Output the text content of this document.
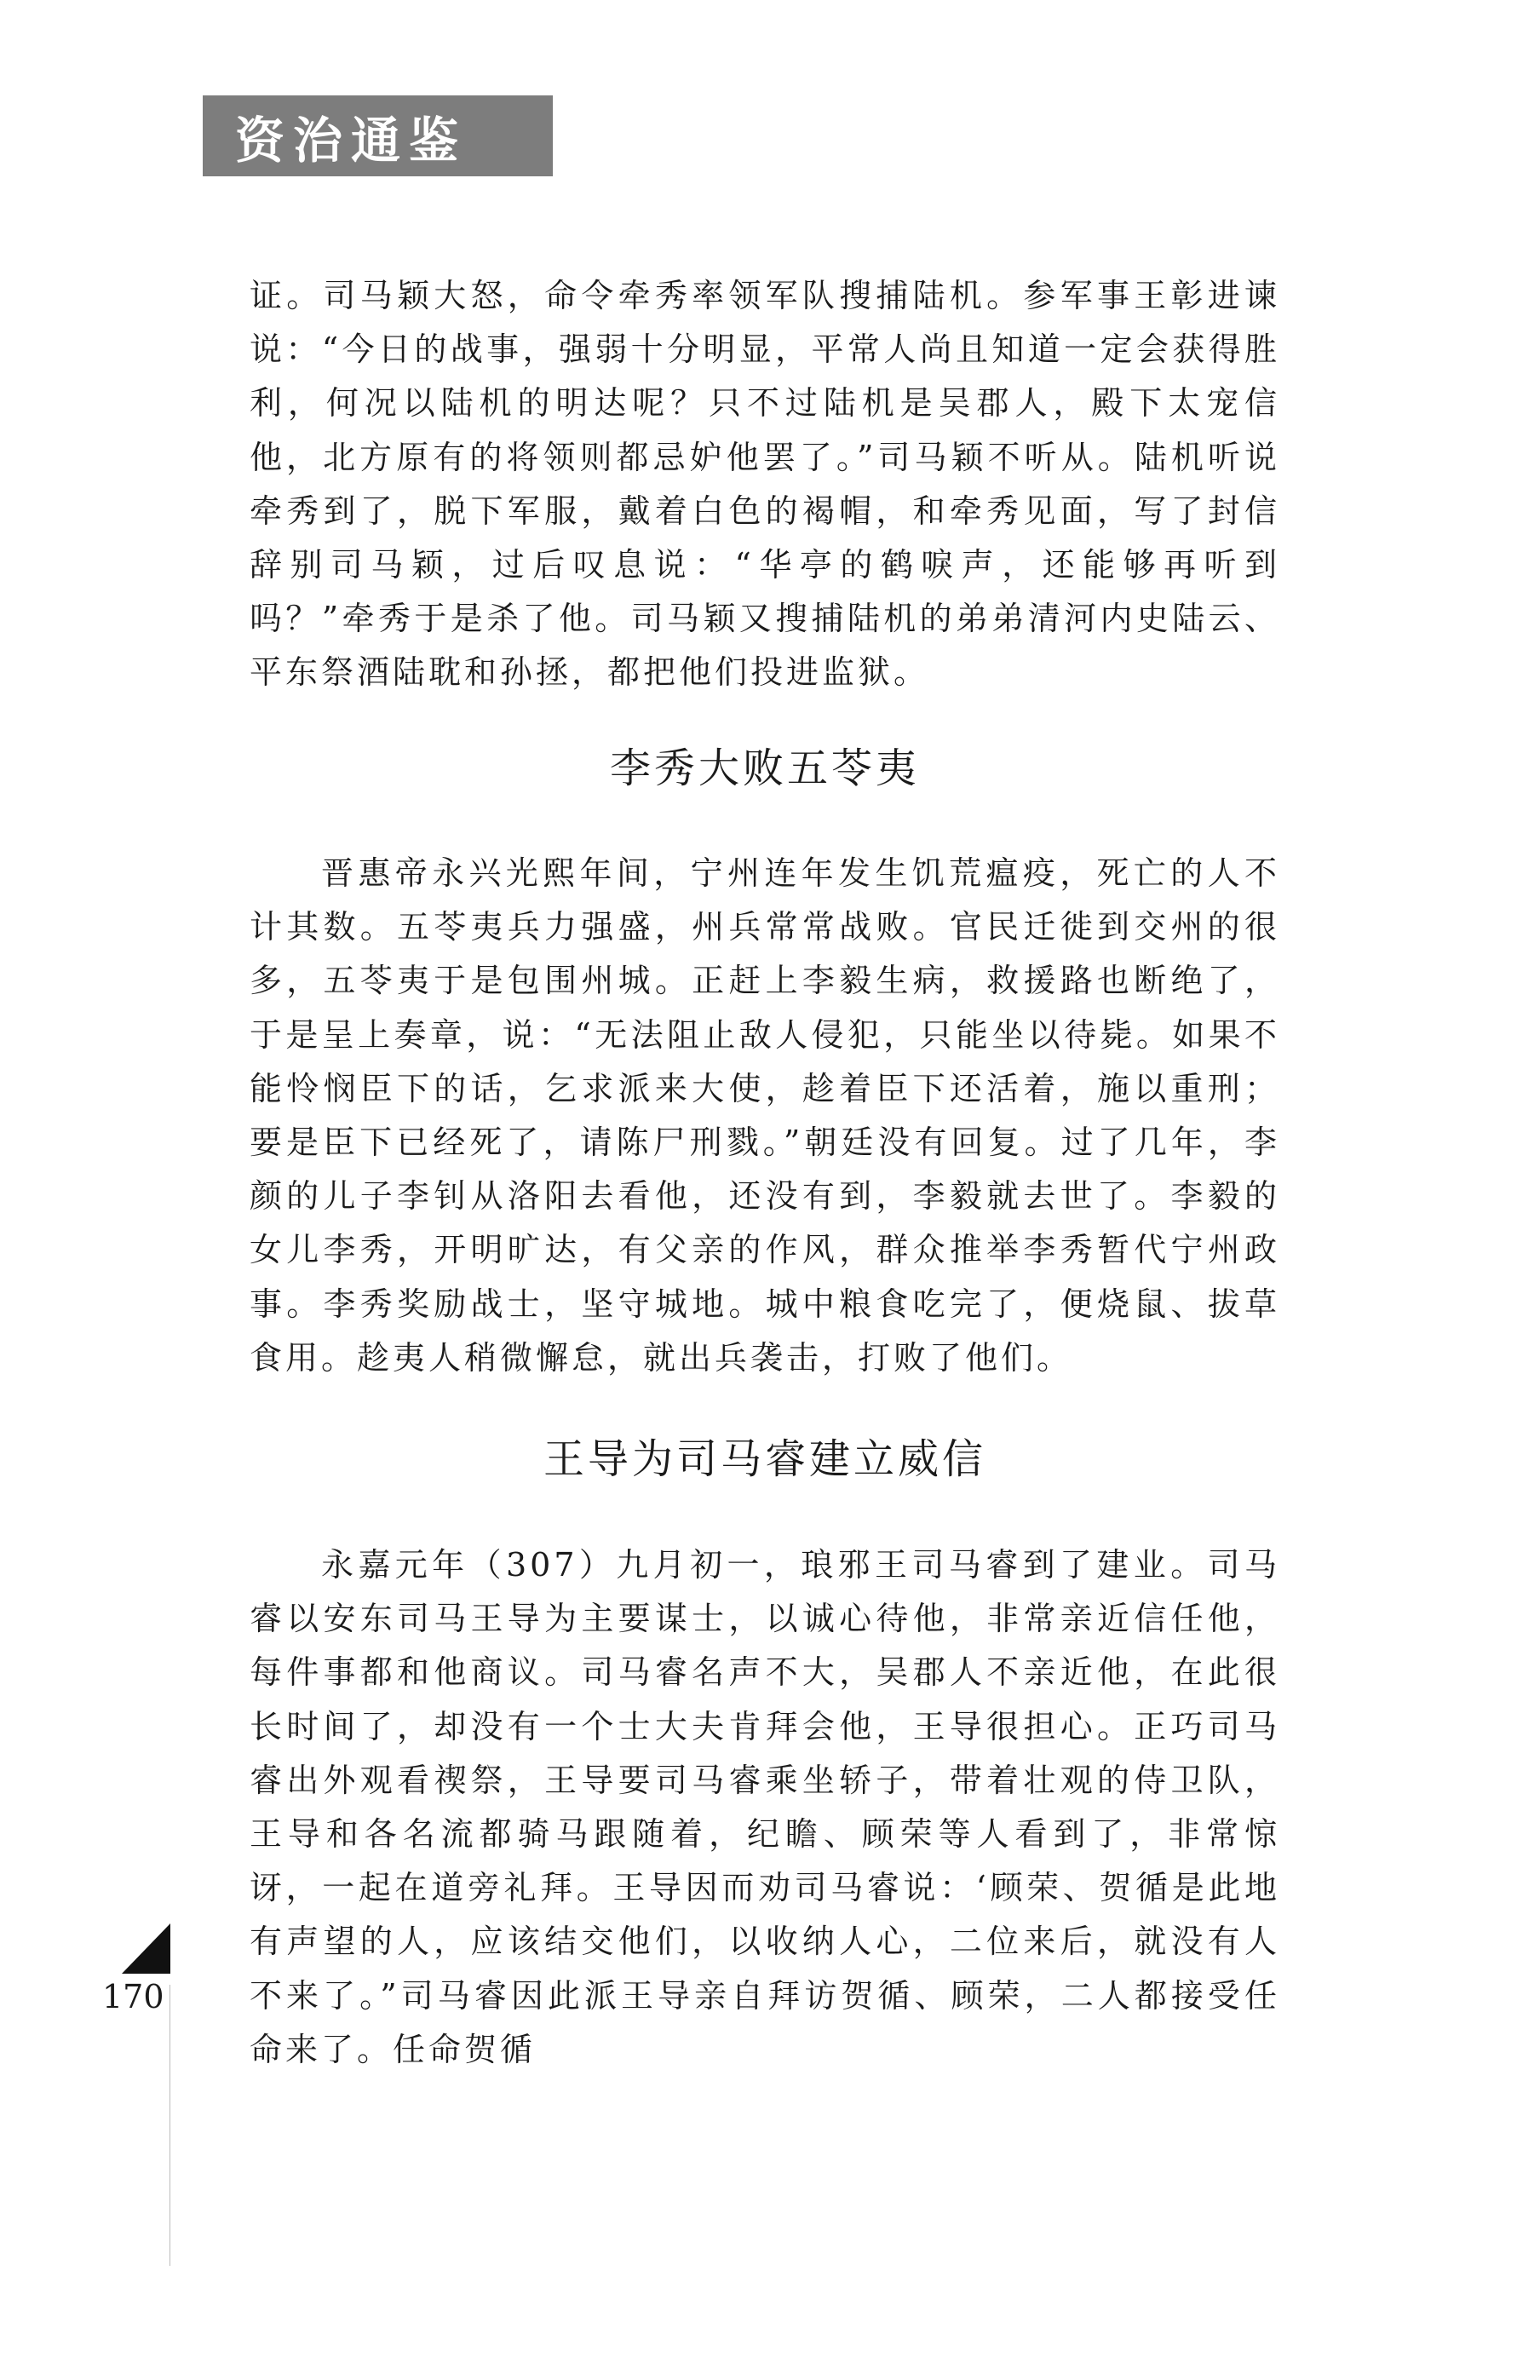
资治通鉴

证。司马颖大怒，命令牵秀率领军队搜捕陆机。参军事王彰进谏说：“今日的战事，强弱十分明显，平常人尚且知道一定会获得胜利，何况以陆机的明达呢？只不过陆机是吴郡人，殿下太宠信他，北方原有的将领则都忌妒他罢了。”司马颖不听从。陆机听说牵秀到了，脱下军服，戴着白色的褐帽，和牵秀见面，写了封信辞别司马颖，过后叹息说：“华亭的鹤唳声，还能够再听到吗？”牵秀于是杀了他。司马颖又搜捕陆机的弟弟清河内史陆云、平东祭酒陆耽和孙拯，都把他们投进监狱。

李秀大败五苓夷

晋惠帝永兴光熙年间，宁州连年发生饥荒瘟疫，死亡的人不计其数。五苓夷兵力强盛，州兵常常战败。官民迁徙到交州的很多，五苓夷于是包围州城。正赶上李毅生病，救援路也断绝了，于是呈上奏章，说：“无法阻止敌人侵犯，只能坐以待毙。如果不能怜悯臣下的话，乞求派来大使，趁着臣下还活着，施以重刑；要是臣下已经死了，请陈尸刑戮。”朝廷没有回复。过了几年，李颜的儿子李钊从洛阳去看他，还没有到，李毅就去世了。李毅的女儿李秀，开明旷达，有父亲的作风，群众推举李秀暂代宁州政事。李秀奖励战士，坚守城地。城中粮食吃完了，便烧鼠、拔草食用。趁夷人稍微懈怠，就出兵袭击，打败了他们。

王导为司马睿建立威信

永嘉元年（307）九月初一，琅邪王司马睿到了建业。司马睿以安东司马王导为主要谋士，以诚心待他，非常亲近信任他，每件事都和他商议。司马睿名声不大，吴郡人不亲近他，在此很长时间了，却没有一个士大夫肯拜会他，王导很担心。正巧司马睿出外观看禊祭，王导要司马睿乘坐轿子，带着壮观的侍卫队，王导和各名流都骑马跟随着，纪瞻、顾荣等人看到了，非常惊讶，一起在道旁礼拜。王导因而劝司马睿说：‘顾荣、贺循是此地有声望的人，应该结交他们，以收纳人心，二位来后，就没有人不来了。”司马睿因此派王导亲自拜访贺循、顾荣，二人都接受任命来了。任命贺循

170
